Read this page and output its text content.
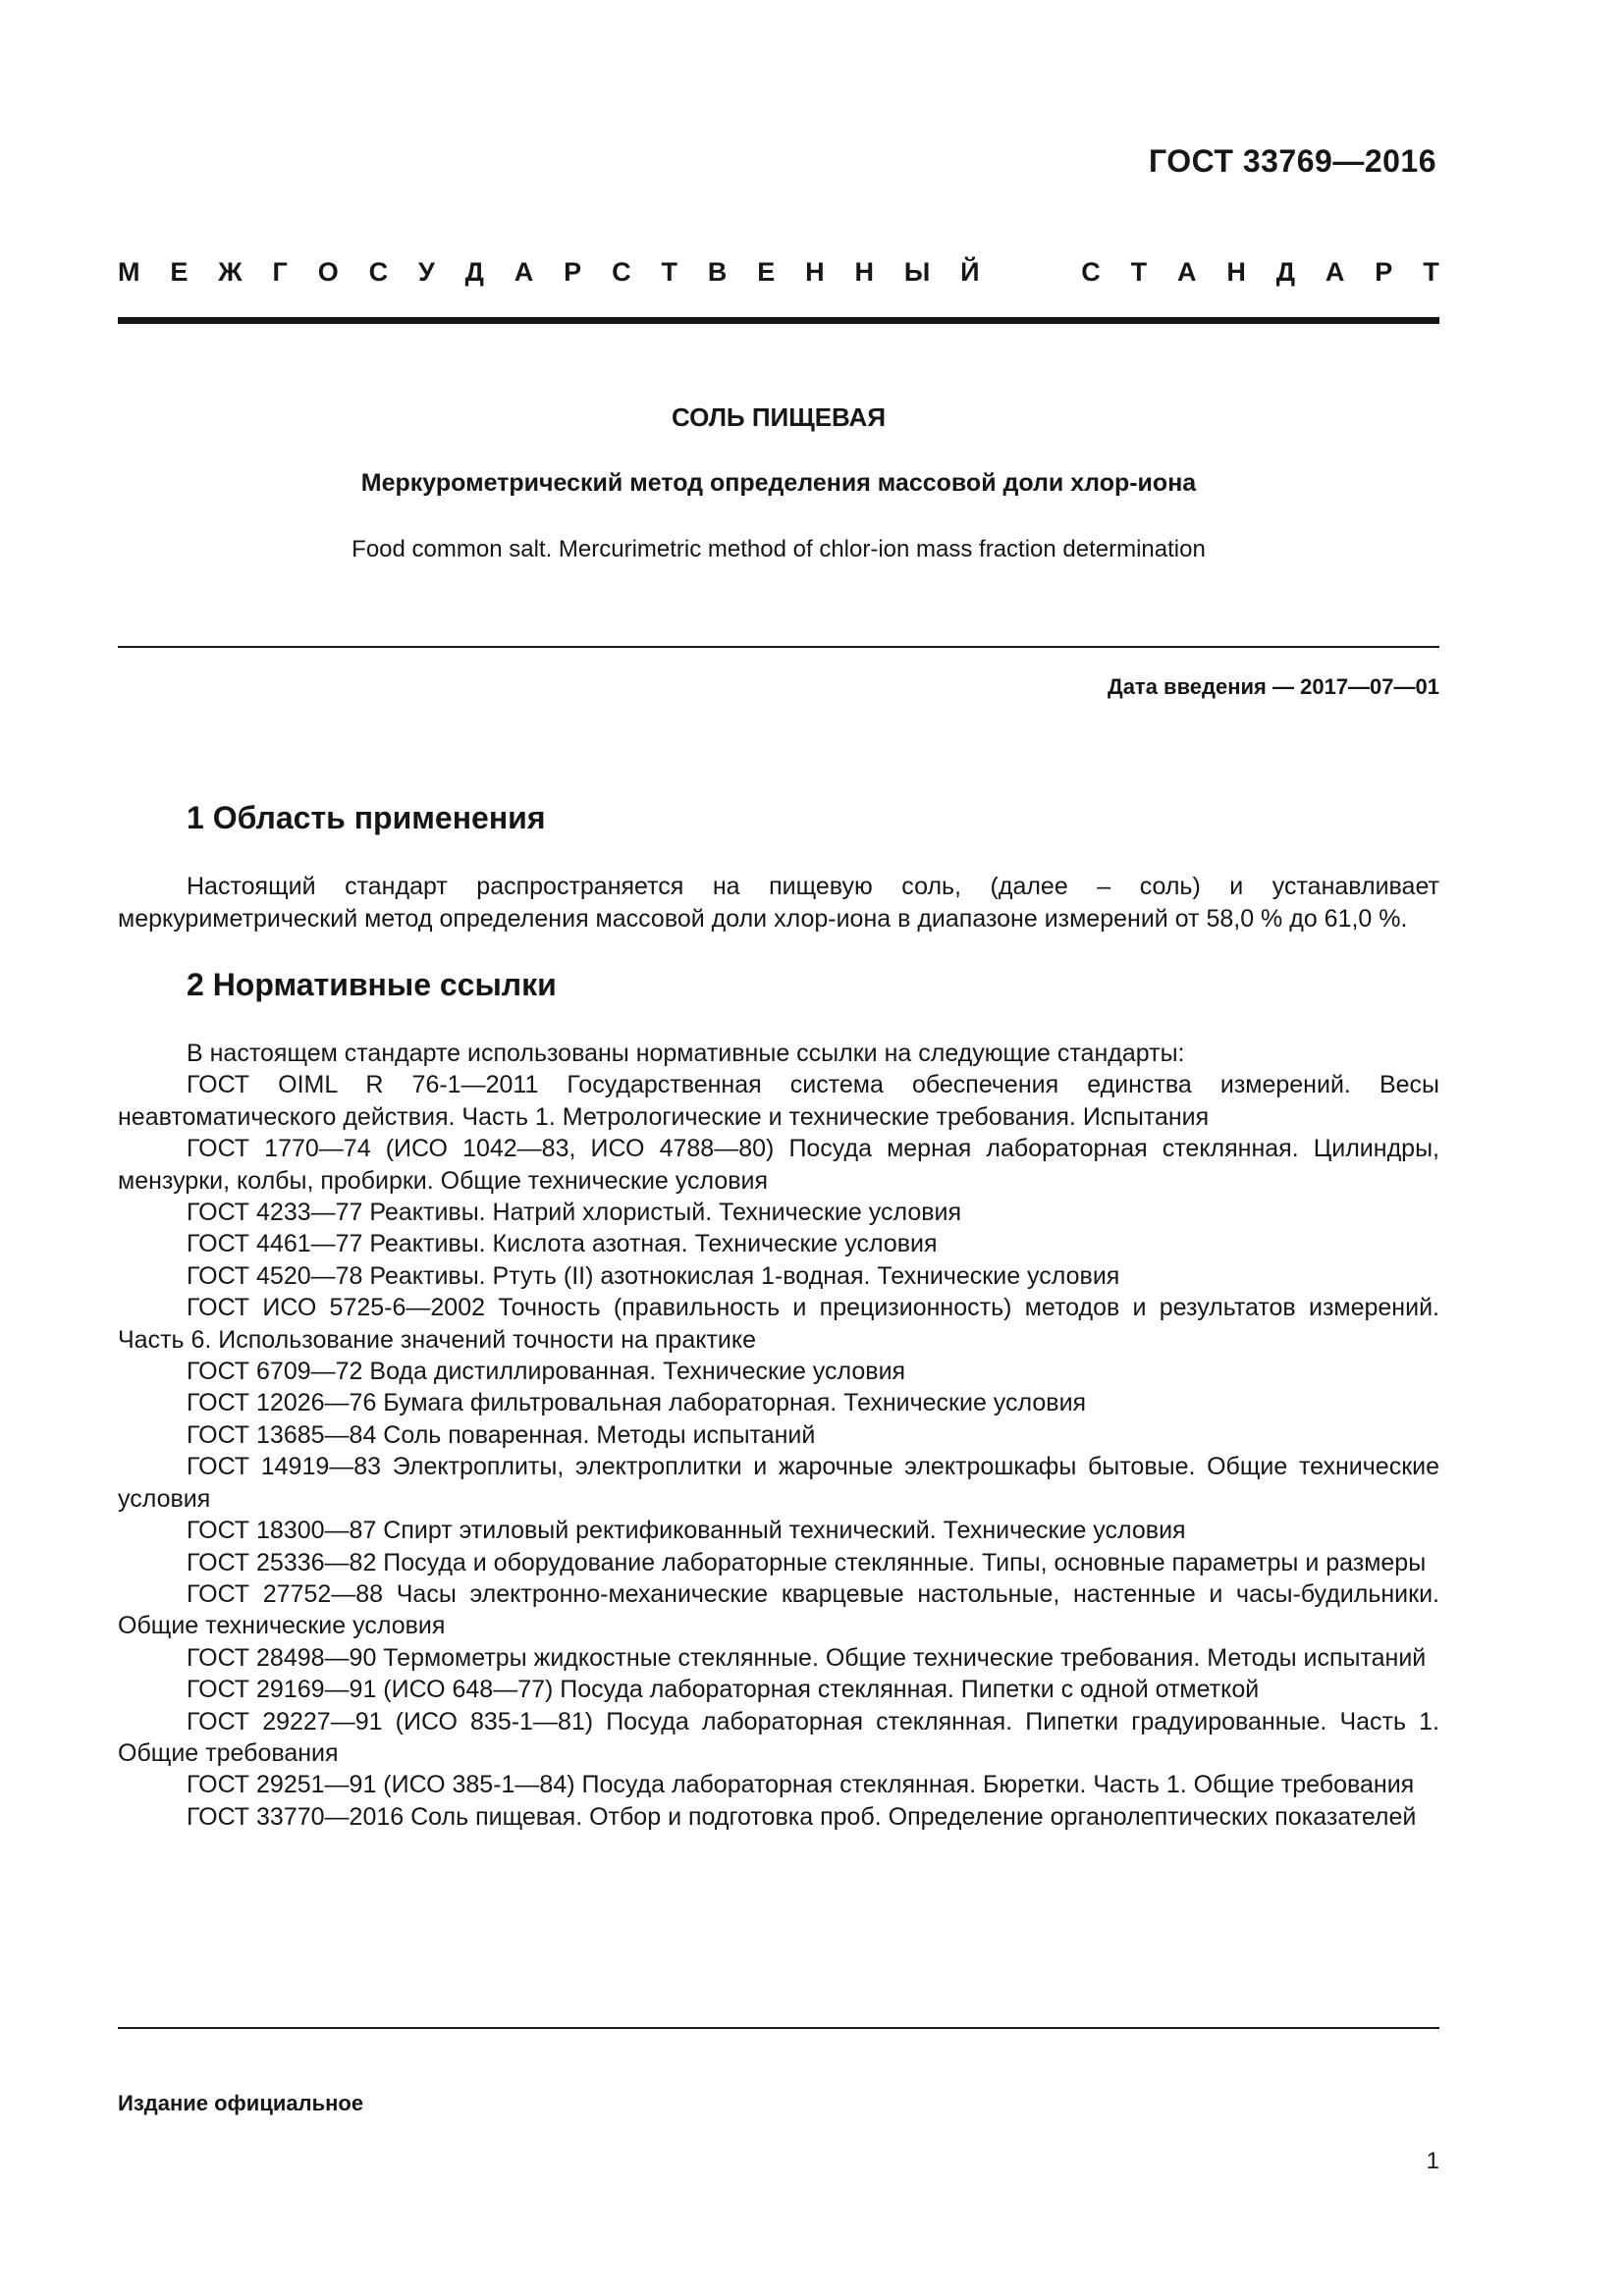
ГОСТ 33769—2016
М Е Ж Г О С У Д А Р С Т В Е Н Н Ы Й	С Т А Н Д А Р Т
СОЛЬ ПИЩЕВАЯ
Меркурометрический метод определения массовой доли хлор-иона
Food common salt. Mercurimetric method of chlor-ion mass fraction determination
Дата введения — 2017—07—01
1 Область применения
Настоящий стандарт распространяется на пищевую соль, (далее – соль) и устанавливает меркуриметрический метод определения массовой доли хлор-иона в диапазоне измерений от 58,0 % до 61,0 %.
2 Нормативные ссылки

В настоящем стандарте использованы нормативные ссылки на следующие стандарты:

ГОСТ OIML R 76-1—2011 Государственная система обеспечения единства измерений. Весы неавтоматического действия. Часть 1. Метрологические и технические требования. Испытания

ГОСТ 1770—74 (ИСО 1042—83, ИСО 4788—80) Посуда мерная лабораторная стеклянная. Цилиндры, мензурки, колбы, пробирки. Общие технические условия

ГОСТ 4233—77 Реактивы. Натрий хлористый. Технические условия

ГОСТ 4461—77 Реактивы. Кислота азотная. Технические условия

ГОСТ 4520—78 Реактивы. Ртуть (II) азотнокислая 1-водная. Технические условия

ГОСТ ИСО 5725-6—2002 Точность (правильность и прецизионность) методов и результатов измерений. Часть 6. Использование значений точности на практике

ГОСТ 6709—72 Вода дистиллированная. Технические условия

ГОСТ 12026—76 Бумага фильтровальная лабораторная. Технические условия

ГОСТ 13685—84 Соль поваренная. Методы испытаний

ГОСТ 14919—83 Электроплиты, электроплитки и жарочные электрошкафы бытовые. Общие технические условия

ГОСТ 18300—87 Спирт этиловый ректификованный технический. Технические условия

ГОСТ 25336—82 Посуда и оборудование лабораторные стеклянные. Типы, основные параметры и размеры

ГОСТ 27752—88 Часы электронно-механические кварцевые настольные, настенные и часы-будильники. Общие технические условия

ГОСТ 28498—90 Термометры жидкостные стеклянные. Общие технические требования. Методы испытаний

ГОСТ 29169—91 (ИСО 648—77) Посуда лабораторная стеклянная. Пипетки с одной отметкой

ГОСТ 29227—91 (ИСО 835-1—81) Посуда лабораторная стеклянная. Пипетки градуированные. Часть 1. Общие требования

ГОСТ 29251—91 (ИСО 385-1—84) Посуда лабораторная стеклянная. Бюретки. Часть 1. Общие требования

ГОСТ 33770—2016 Соль пищевая. Отбор и подготовка проб. Определение органолептических показателей

Издание официальное
1
